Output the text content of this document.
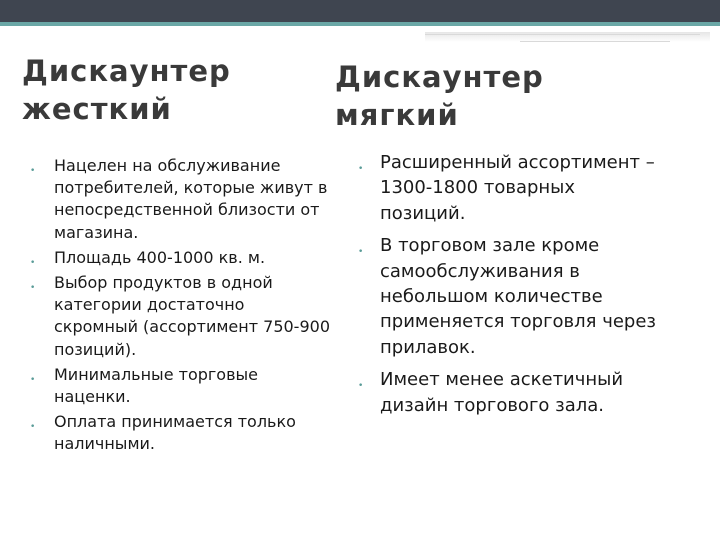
Дискаунтер
жесткий
Дискаунтер
мягкий
• Нацелен на обслуживание потребителей, которые живут в непосредственной близости от магазина.
• Площадь 400-1000 кв. м.
• Выбор продуктов в одной категории достаточно скромный (ассортимент 750-900 позиций).
• Минимальные торговые наценки.
• Оплата принимается только наличными.
• Расширенный ассортимент – 1300-1800 товарных позиций.
• В торговом зале кроме самообслуживания в небольшом количестве применяется торговля через прилавок.
• Имеет менее аскетичный дизайн торгового зала.
